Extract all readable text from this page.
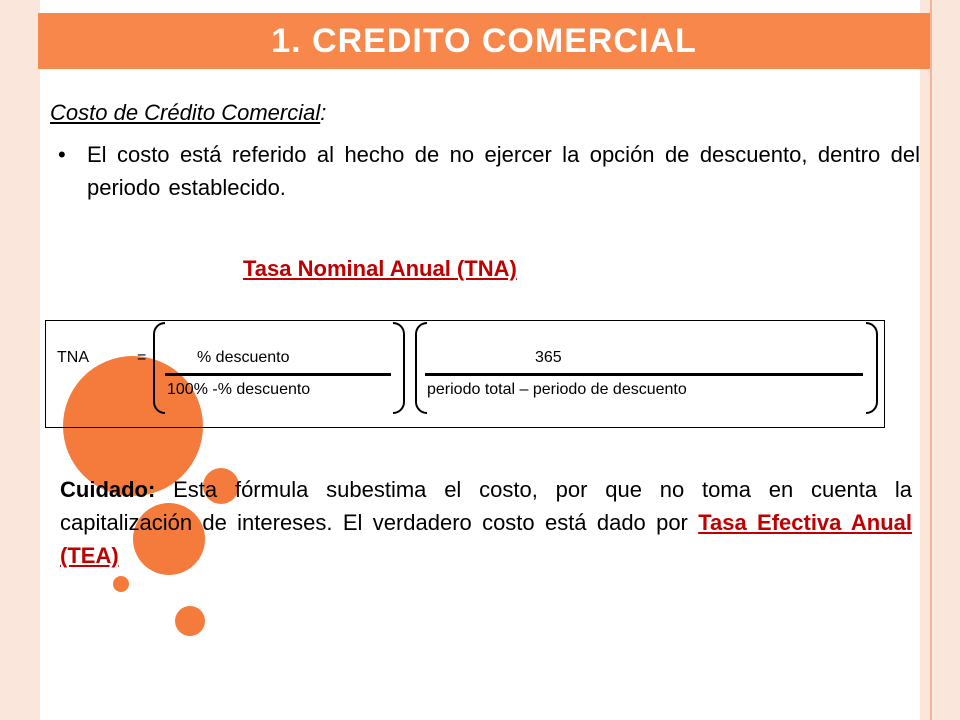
1. CREDITO COMERCIAL
Costo de Crédito Comercial:
• El costo está referido al hecho de no ejercer la opción de descuento, dentro del periodo establecido.
Tasa Nominal Anual (TNA)
TNA	=	% descuento
100% -% descuento
365
periodo total – periodo de descuento
Cuidado: Esta fórmula subestima el costo, por que no toma en cuenta la capitalización de intereses. El verdadero costo está dado por Tasa Efectiva Anual (TEA)
